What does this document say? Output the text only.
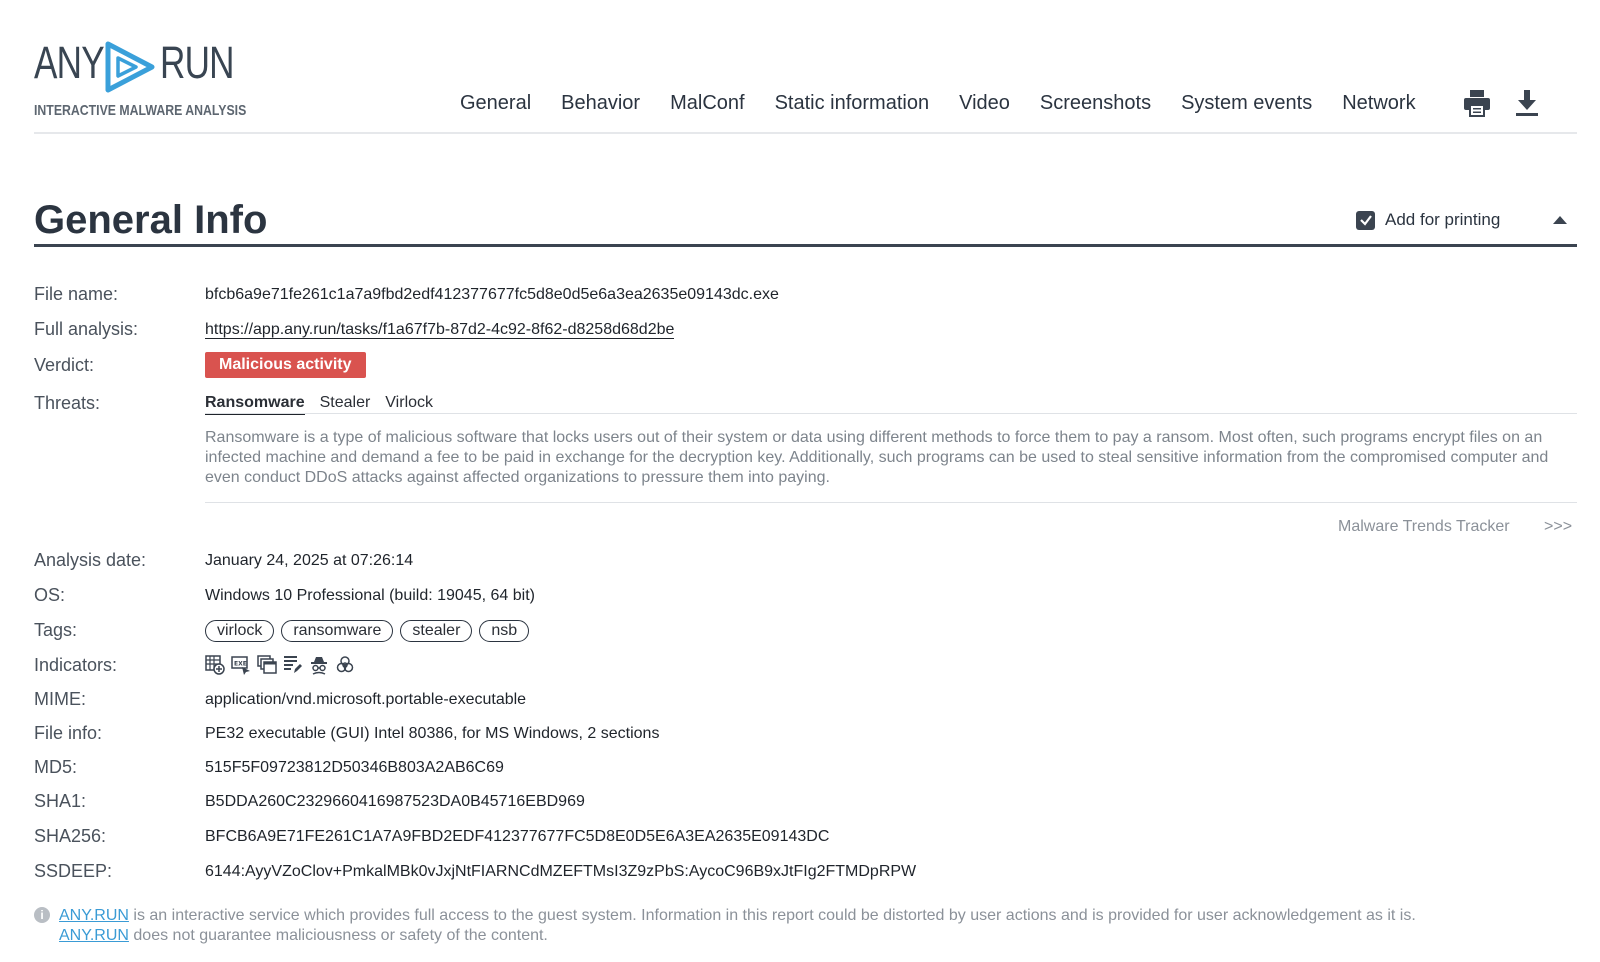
ANY RUN
INTERACTIVE MALWARE ANALYSIS	General Behavior MalConf Static information Video Screenshots System events Network
General Info	Add for printing
File name:	bfcb6a9e71fe261c1a7a9fbd2edf412377677fc5d8e0d5e6a3ea2635e09143dc.exe
Full analysis:	https://app.any.run/tasks/f1a67f7b-87d2-4c92-8f62-d8258d68d2be
Verdict:	Malicious activity
Threats:	Ransomware Stealer Virlock
Ransomware is a type of malicious software that locks users out of their system or data using different methods to force them to pay a ransom. Most often, such programs encrypt files on an infected machine and demand a fee to be paid in exchange for the decryption key. Additionally, such programs can be used to steal sensitive information from the compromised computer and even conduct DDoS attacks against affected organizations to pressure them into paying.
Malware Trends Tracker >>>
Analysis date:	January 24, 2025 at 07:26:14
OS:	Windows 10 Professional (build: 19045, 64 bit)
Tags:	virlock	ransomware	stealer	nsb
Indicators:	EXE
MIME:	application/vnd.microsoft.portable-executable
File info:	PE32 executable (GUI) Intel 80386, for MS Windows, 2 sections
MD5:	515F5F09723812D50346B803A2AB6C69
SHA1:	B5DDA260C2329660416987523DA0B45716EBD969
SHA256:	BFCB6A9E71FE261C1A7A9FBD2EDF412377677FC5D8E0D5E6A3EA2635E09143DC
SSDEEP:	6144:AyyVZoClov+PmkalMBk0vJxjNtFIARNCdMZEFTMsI3Z9zPbS:AycoC96B9xJtFIg2FTMDpRPW
i ANY.RUN is an interactive service which provides full access to the guest system. Information in this report could be distorted by user actions and is provided for user acknowledgement as it is.
ANY.RUN does not guarantee maliciousness or safety of the content.
